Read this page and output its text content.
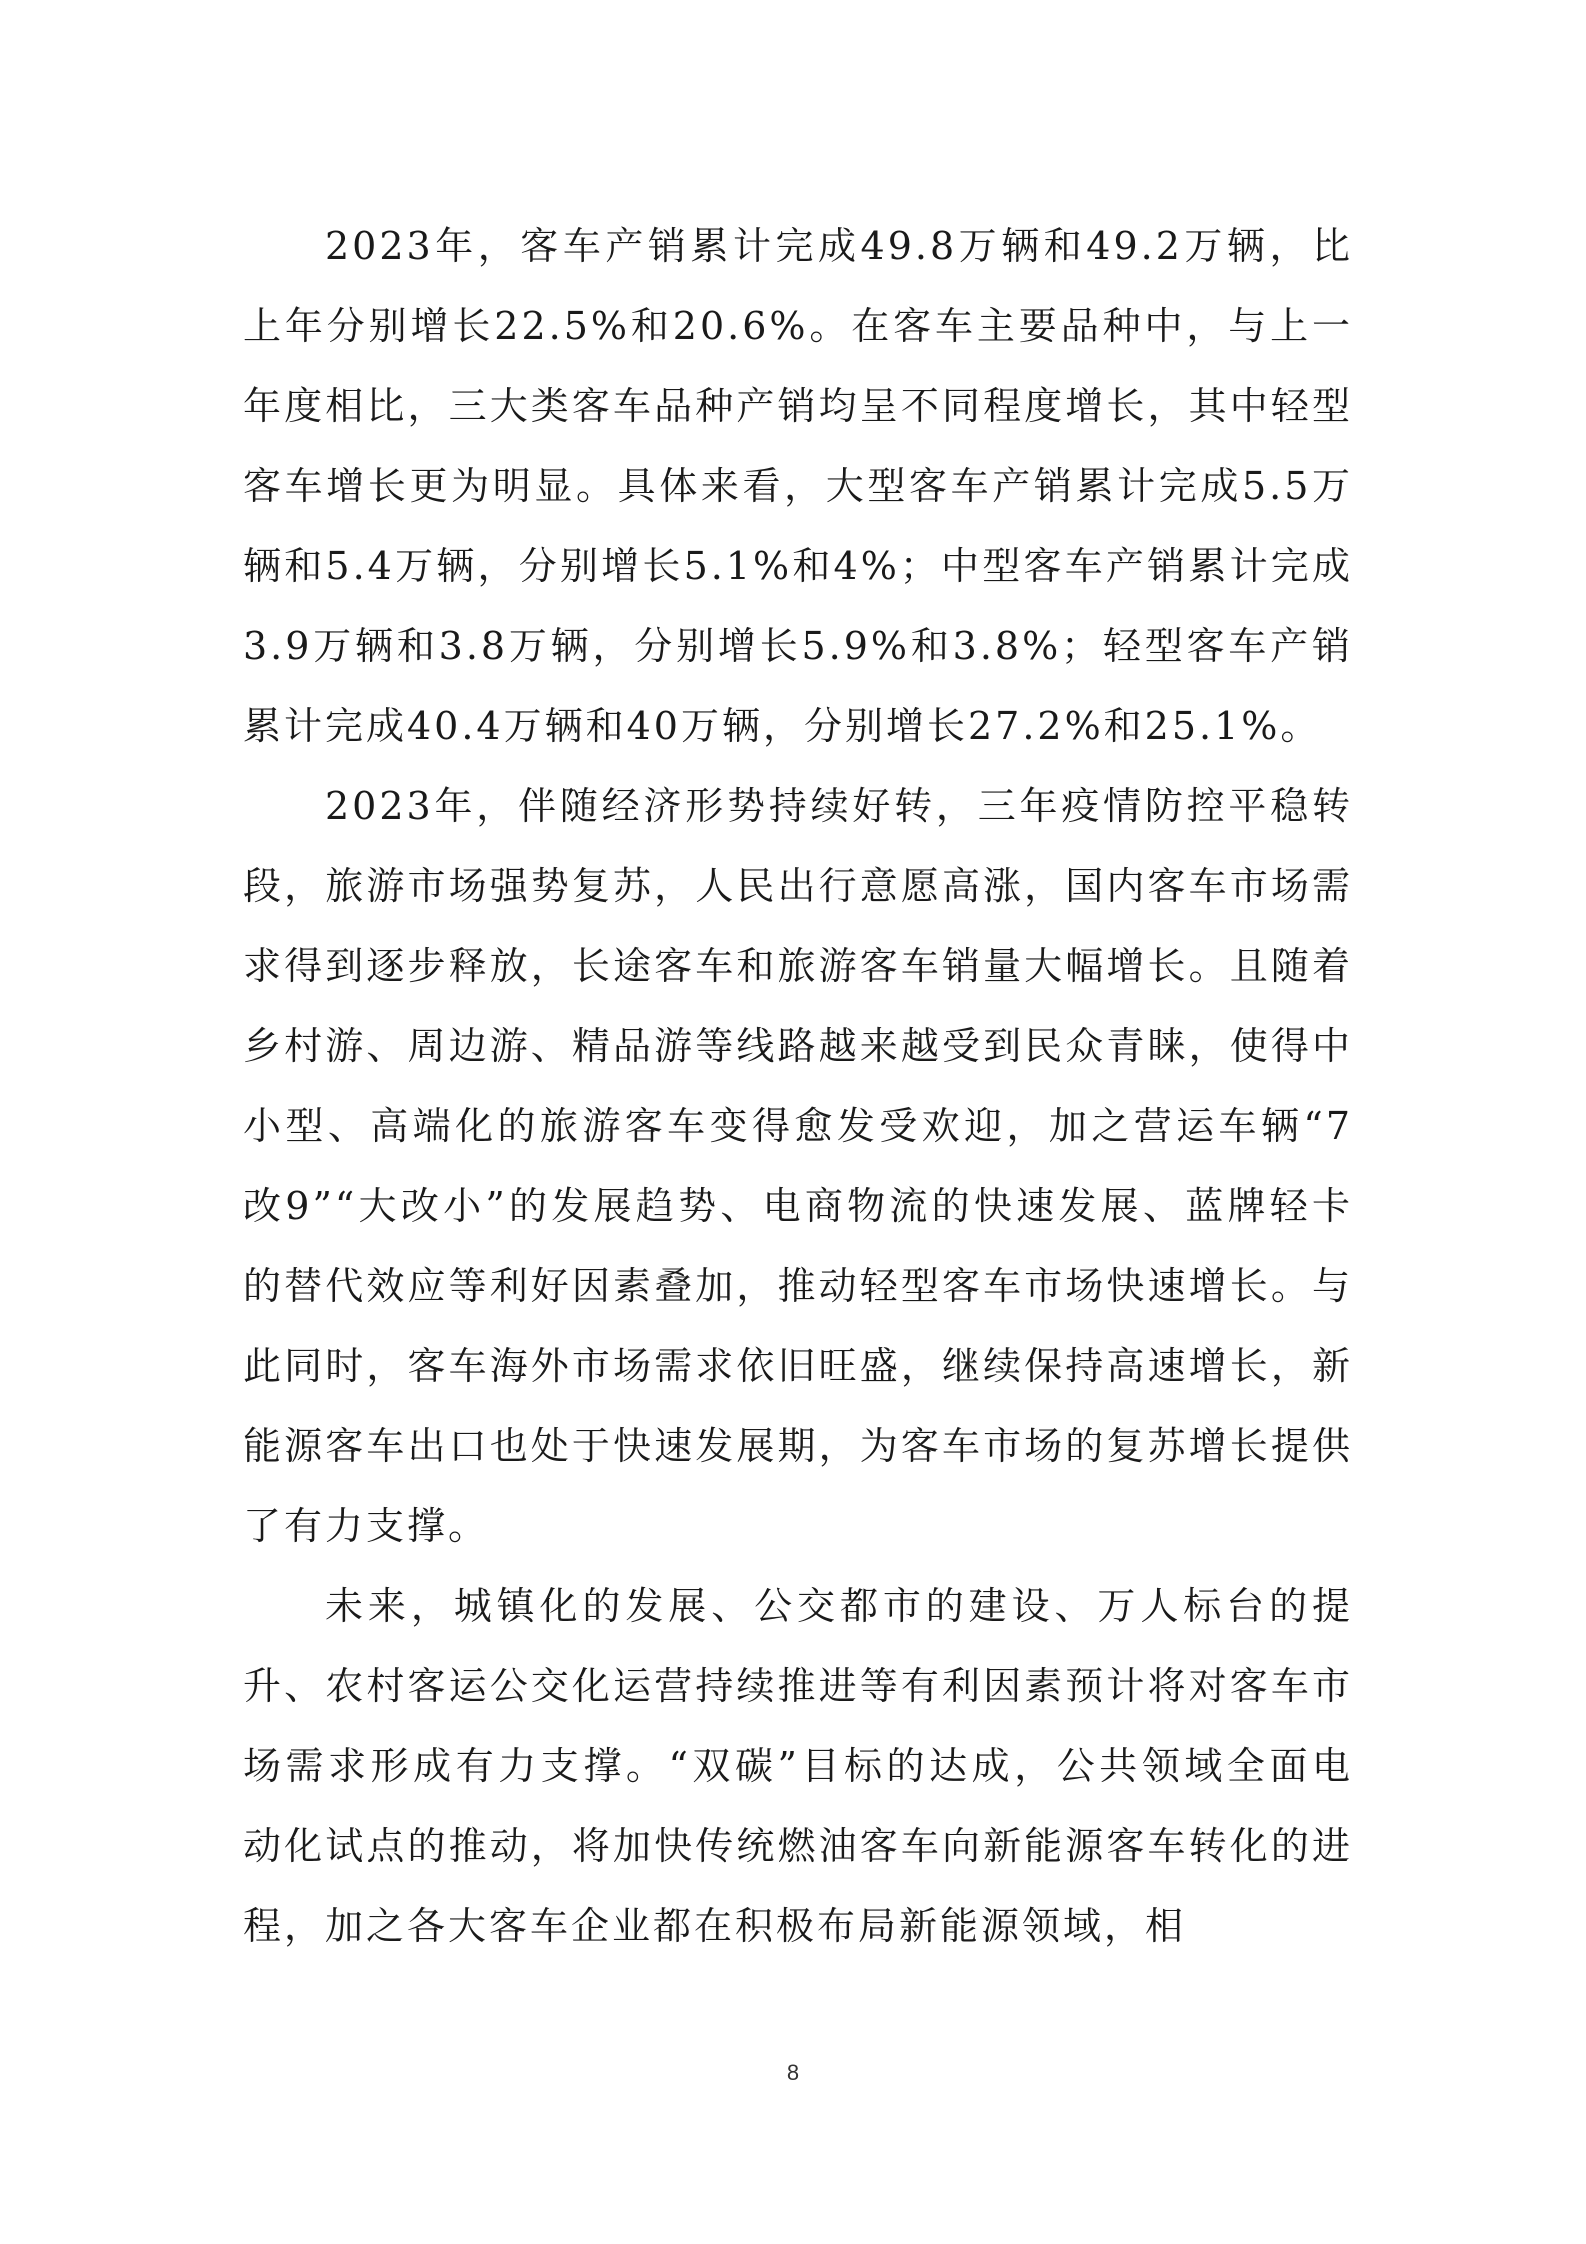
2023年，客车产销累计完成49.8万辆和49.2万辆，比上年分别增长22.5%和20.6%。在客车主要品种中，与上一年度相比，三大类客车品种产销均呈不同程度增长，其中轻型客车增长更为明显。具体来看，大型客车产销累计完成5.5万辆和5.4万辆，分别增长5.1%和4%；中型客车产销累计完成3.9万辆和3.8万辆，分别增长5.9%和3.8%；轻型客车产销累计完成40.4万辆和40万辆，分别增长27.2%和25.1%。

2023年，伴随经济形势持续好转，三年疫情防控平稳转段，旅游市场强势复苏，人民出行意愿高涨，国内客车市场需求得到逐步释放，长途客车和旅游客车销量大幅增长。且随着乡村游、周边游、精品游等线路越来越受到民众青睐，使得中小型、高端化的旅游客车变得愈发受欢迎，加之营运车辆“7改9”“大改小”的发展趋势、电商物流的快速发展、蓝牌轻卡的替代效应等利好因素叠加，推动轻型客车市场快速增长。与此同时，客车海外市场需求依旧旺盛，继续保持高速增长，新能源客车出口也处于快速发展期，为客车市场的复苏增长提供了有力支撑。

未来，城镇化的发展、公交都市的建设、万人标台的提升、农村客运公交化运营持续推进等有利因素预计将对客车市场需求形成有力支撑。“双碳”目标的达成，公共领域全面电动化试点的推动，将加快传统燃油客车向新能源客车转化的进程，加之各大客车企业都在积极布局新能源领域，相

8
